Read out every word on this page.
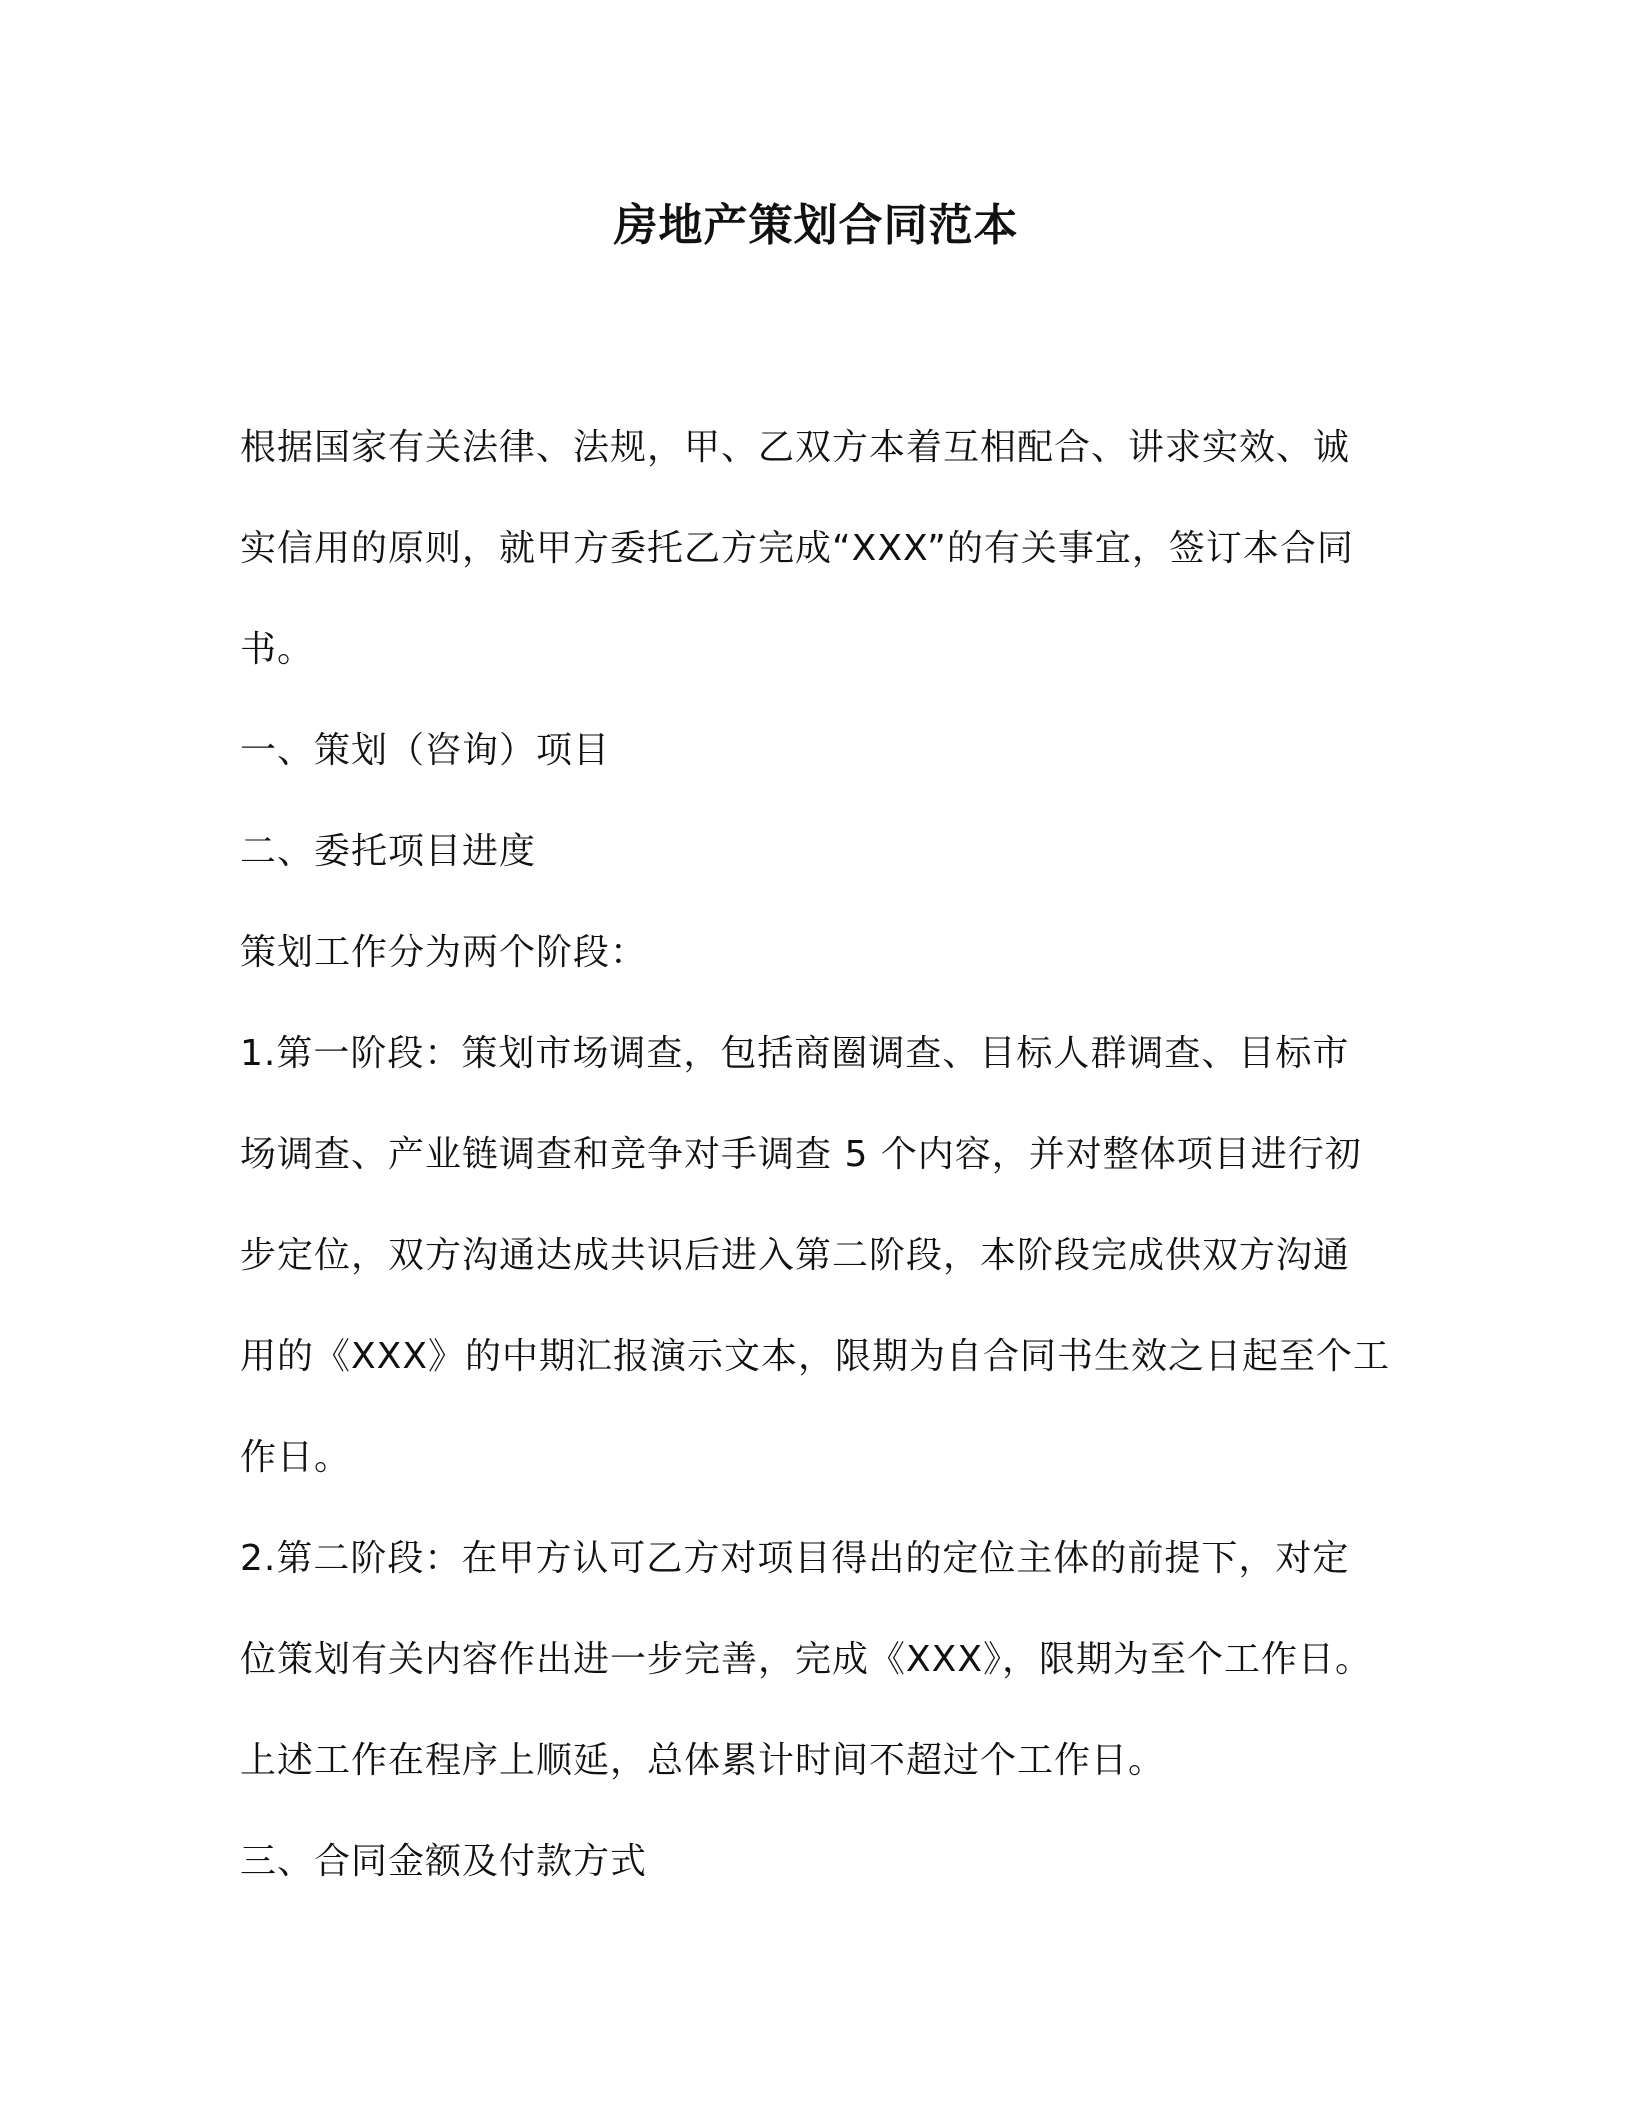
房地产策划合同范本
根据国家有关法律、法规，甲、乙双方本着互相配合、讲求实效、诚
实信用的原则，就甲方委托乙方完成“XXX”的有关事宜，签订本合同
书。
一、策划（咨询）项目
二、委托项目进度
策划工作分为两个阶段：
1.第一阶段：策划市场调查，包括商圈调查、目标人群调查、目标市
场调查、产业链调查和竞争对手调查 5 个内容，并对整体项目进行初
步定位，双方沟通达成共识后进入第二阶段，本阶段完成供双方沟通
用的《XXX》的中期汇报演示文本，限期为自合同书生效之日起至个工
作日。
2.第二阶段：在甲方认可乙方对项目得出的定位主体的前提下，对定
位策划有关内容作出进一步完善，完成《XXX》，限期为至个工作日。
上述工作在程序上顺延，总体累计时间不超过个工作日。
三、合同金额及付款方式
